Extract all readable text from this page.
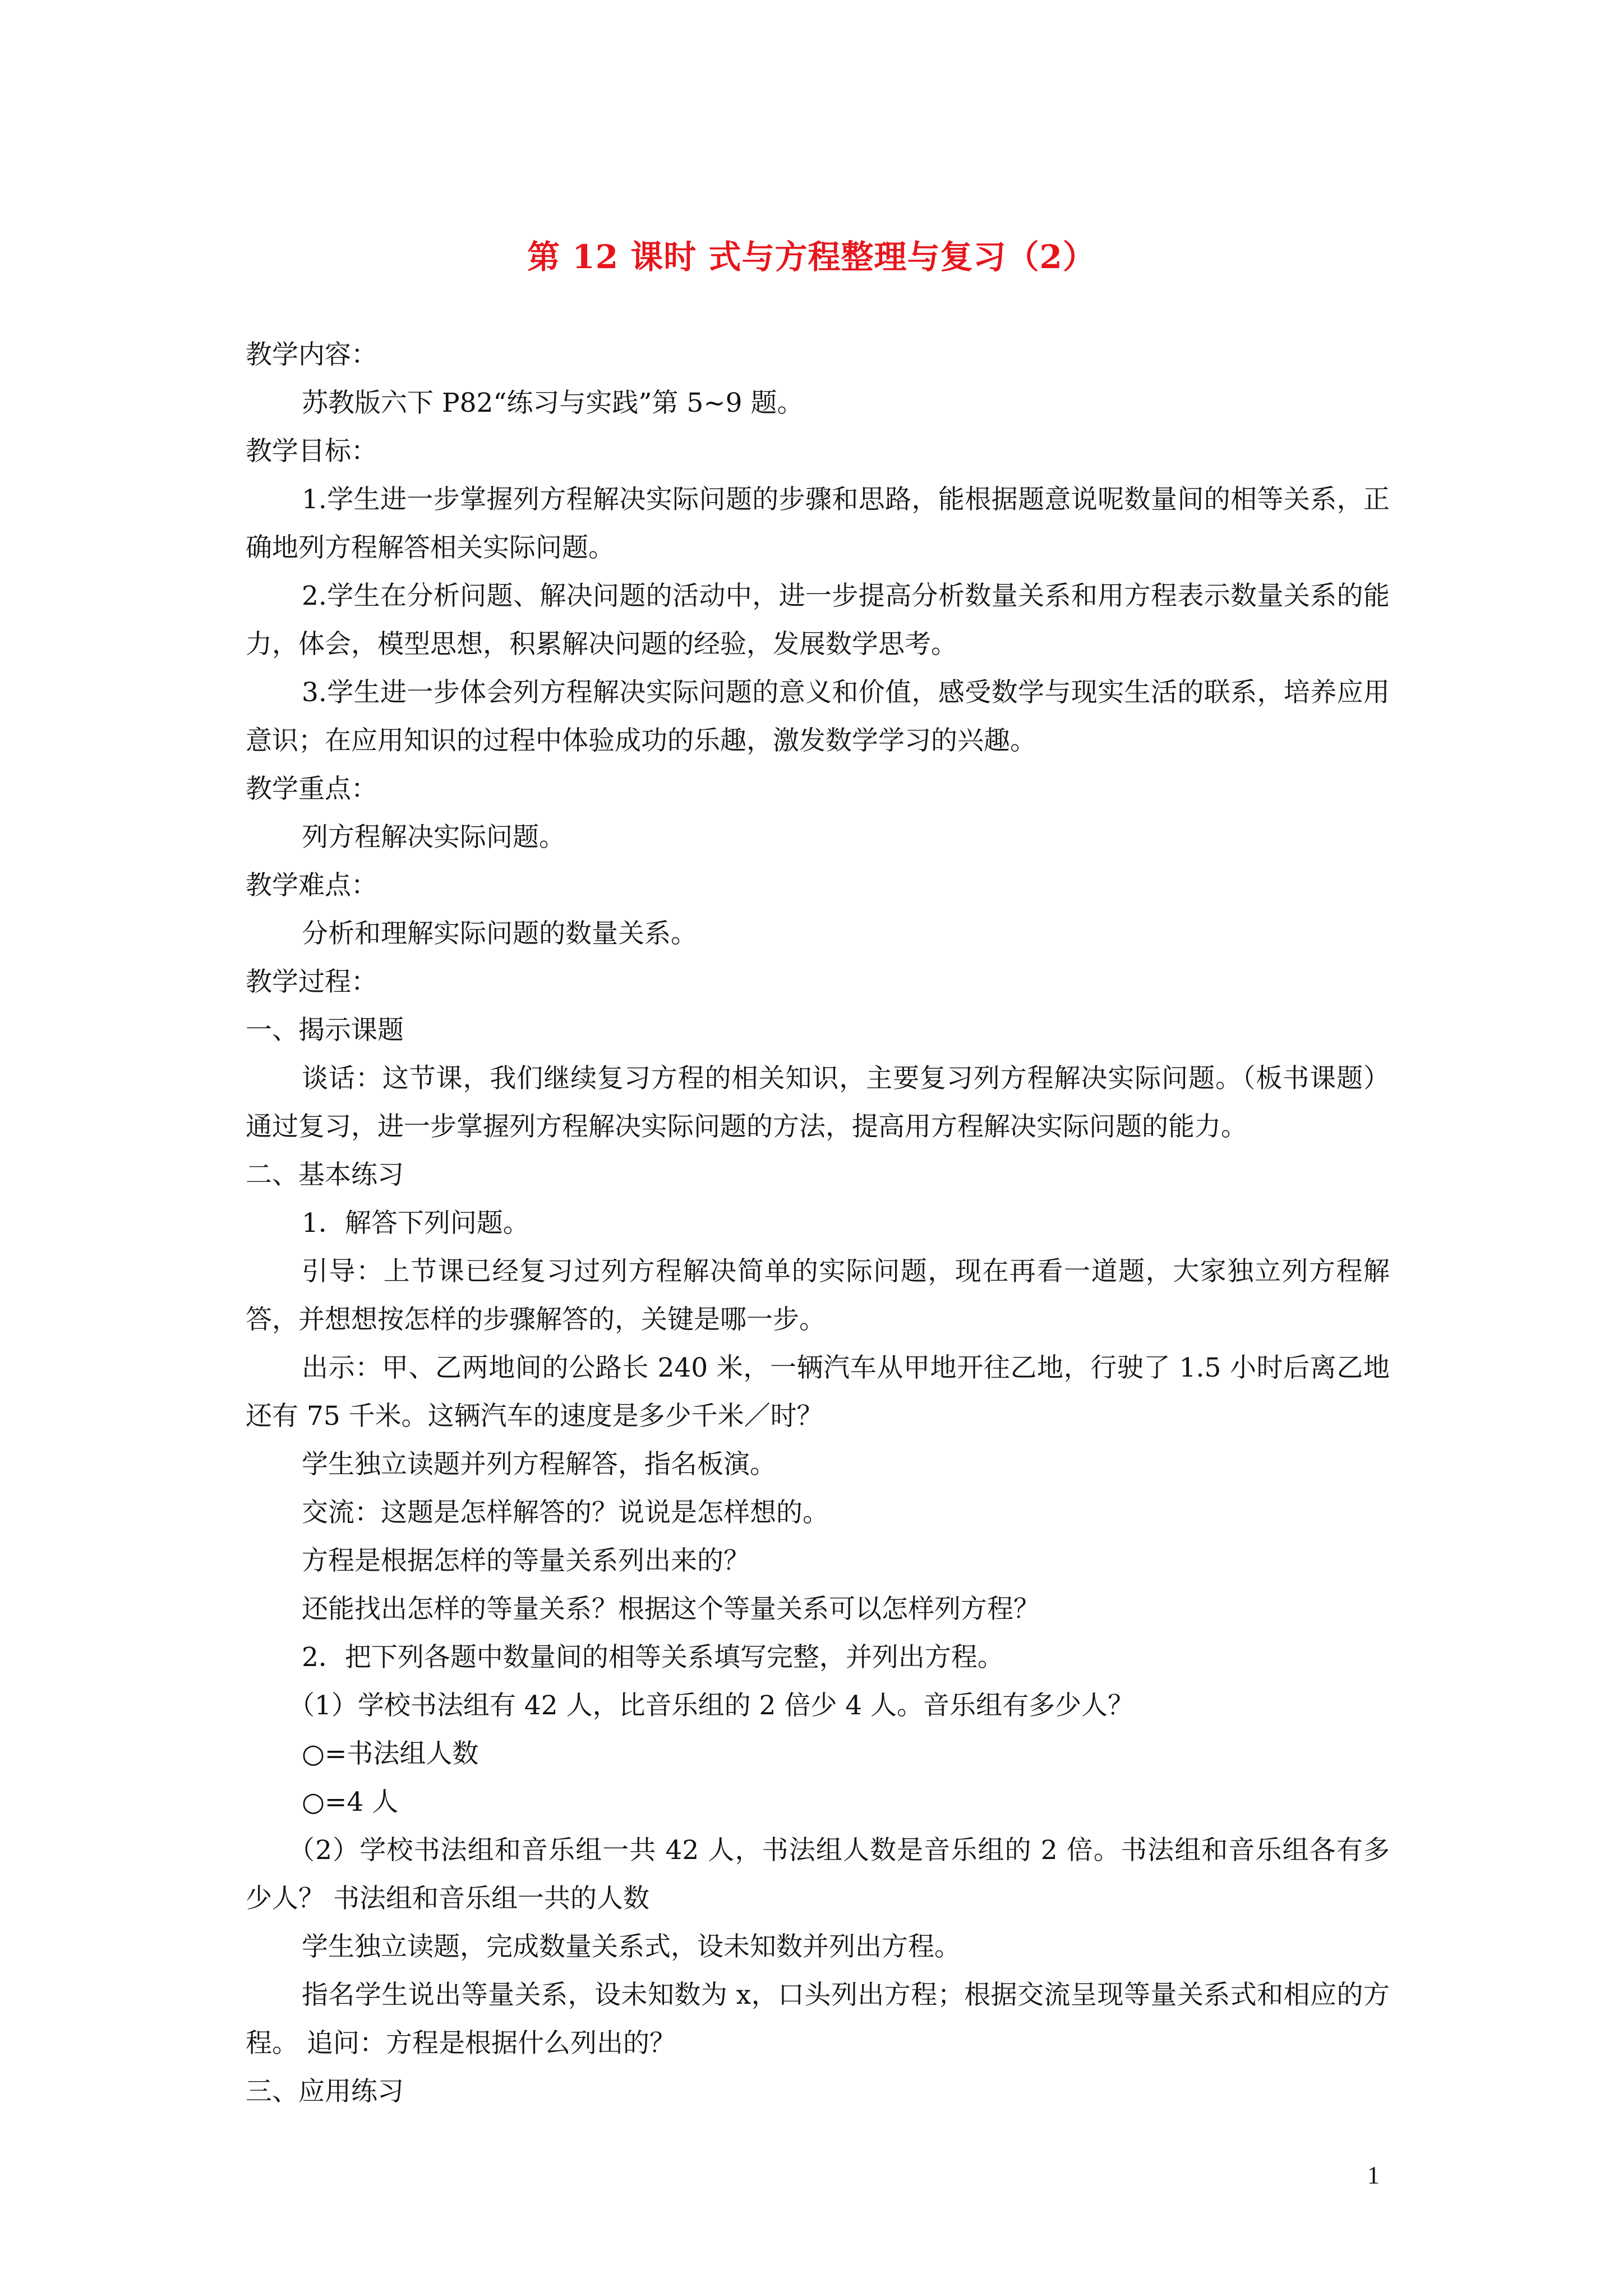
第 12 课时 式与方程整理与复习（2）

教学内容：

苏教版六下 P82“练习与实践”第 5~9 题。

教学目标：

1.学生进一步掌握列方程解决实际问题的步骤和思路，能根据题意说呢数量间的相等关系，正确地列方程解答相关实际问题。

2.学生在分析问题、解决问题的活动中，进一步提高分析数量关系和用方程表示数量关系的能力，体会，模型思想，积累解决问题的经验，发展数学思考。

3.学生进一步体会列方程解决实际问题的意义和价值，感受数学与现实生活的联系，培养应用意识；在应用知识的过程中体验成功的乐趣，激发数学学习的兴趣。

教学重点：

列方程解决实际问题。

教学难点：

分析和理解实际问题的数量关系。

教学过程：

一、揭示课题

谈话：这节课，我们继续复习方程的相关知识，主要复习列方程解决实际问题。（板书课题） 通过复习，进一步掌握列方程解决实际问题的方法，提高用方程解决实际问题的能力。

二、基本练习

1．解答下列问题。

引导：上节课已经复习过列方程解决简单的实际问题，现在再看一道题，大家独立列方程解答，并想想按怎样的步骤解答的，关键是哪一步。

出示：甲、乙两地间的公路长 240 米，一辆汽车从甲地开往乙地，行驶了 1.5 小时后离乙地还有 75 千米。这辆汽车的速度是多少千米／时？

学生独立读题并列方程解答，指名板演。

交流：这题是怎样解答的？说说是怎样想的。

方程是根据怎样的等量关系列出来的？

还能找出怎样的等量关系？根据这个等量关系可以怎样列方程？

2．把下列各题中数量间的相等关系填写完整，并列出方程。

（1）学校书法组有 42 人，比音乐组的 2 倍少 4 人。音乐组有多少人？

○=书法组人数

○=4 人

（2）学校书法组和音乐组一共 42 人，书法组人数是音乐组的 2 倍。书法组和音乐组各有多少人？ 书法组和音乐组一共的人数

学生独立读题，完成数量关系式，设未知数并列出方程。

指名学生说出等量关系，设未知数为 x，口头列出方程；根据交流呈现等量关系式和相应的方程。 追问：方程是根据什么列出的？

三、应用练习

1
